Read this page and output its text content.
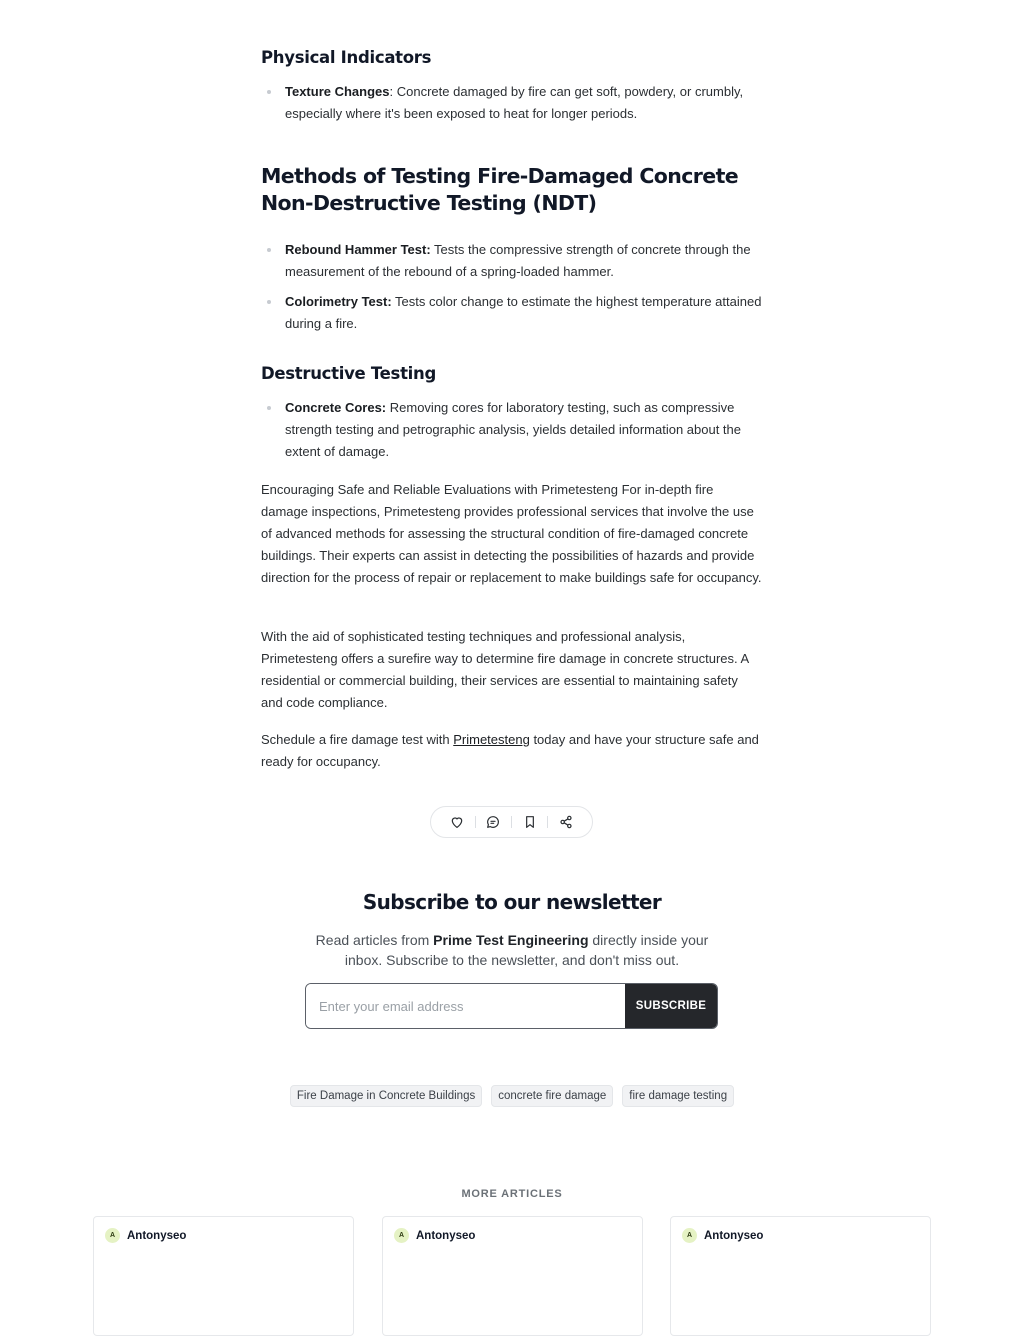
Physical Indicators
Texture Changes: Concrete damaged by fire can get soft, powdery, or crumbly, especially where it's been exposed to heat for longer periods.
Methods of Testing Fire-Damaged Concrete Non-Destructive Testing (NDT)
Rebound Hammer Test: Tests the compressive strength of concrete through the measurement of the rebound of a spring-loaded hammer.
Colorimetry Test: Tests color change to estimate the highest temperature attained during a fire.
Destructive Testing
Concrete Cores: Removing cores for laboratory testing, such as compressive strength testing and petrographic analysis, yields detailed information about the extent of damage.

Encouraging Safe and Reliable Evaluations with Primetesteng For in-depth fire damage inspections, Primetesteng provides professional services that involve the use of advanced methods for assessing the structural condition of fire-damaged concrete buildings. Their experts can assist in detecting the possibilities of hazards and provide direction for the process of repair or replacement to make buildings safe for occupancy.

With the aid of sophisticated testing techniques and professional analysis, Primetesteng offers a surefire way to determine fire damage in concrete structures. A residential or commercial building, their services are essential to maintaining safety and code compliance.

Schedule a fire damage test with Primetesteng today and have your structure safe and ready for occupancy.

Subscribe to our newsletter

Read articles from Prime Test Engineering directly inside your inbox. Subscribe to the newsletter, and don't miss out.

Enter your email address
SUBSCRIBE
Fire Damage in Concrete Buildings	concrete fire damage	fire damage testing
MORE ARTICLES
A	Antonyseo	A	Antonyseo	A	Antonyseo
